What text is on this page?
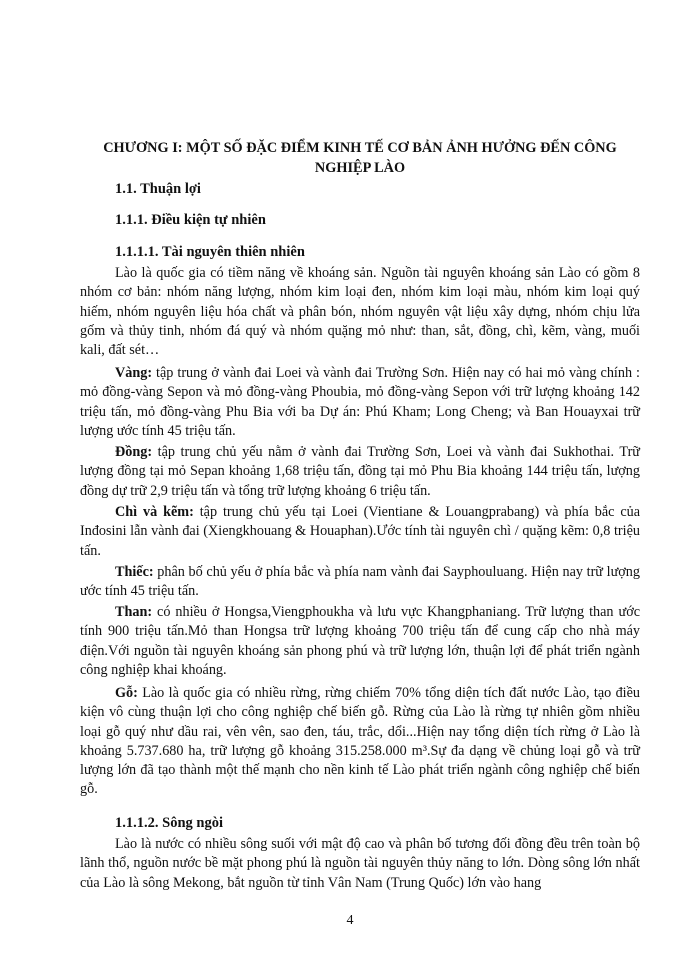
CHƯƠNG I: MỘT SỐ ĐẶC ĐIỂM KINH TẾ CƠ BẢN ẢNH HƯỞNG ĐẾN CÔNG NGHIỆP LÀO
1.1. Thuận lợi
1.1.1. Điều kiện tự nhiên
1.1.1.1. Tài nguyên thiên nhiên

Lào là quốc gia có tiềm năng về khoáng sản. Nguồn tài nguyên khoáng sản Lào có gồm 8 nhóm cơ bản: nhóm năng lượng, nhóm kim loại đen, nhóm kim loại màu, nhóm kim loại quý hiếm, nhóm nguyên liệu hóa chất và phân bón, nhóm nguyên vật liệu xây dựng, nhóm chịu lửa gốm và thủy tinh, nhóm đá quý và nhóm quặng mỏ như: than, sắt, đồng, chì, kẽm, vàng, muối kali, đất sét…

Vàng: tập trung ở vành đai Loei và vành đai Trường Sơn. Hiện nay có hai mỏ vàng chính : mỏ đồng-vàng Sepon và mỏ đồng-vàng Phoubia, mỏ đồng-vàng Sepon với trữ lượng khoảng 142 triệu tấn, mỏ đồng-vàng Phu Bia với ba Dự án: Phú Kham; Long Cheng; và Ban Houayxai trữ lượng ước tính 45 triệu tấn.

Đồng: tập trung chủ yếu nằm ở vành đai Trường Sơn, Loei và vành đai Sukhothai. Trữ lượng đồng tại mỏ Sepan khoảng 1,68 triệu tấn, đồng tại mỏ Phu Bia khoảng 144 triệu tấn, lượng đồng dự trữ 2,9 triệu tấn và tổng trữ lượng khoảng 6 triệu tấn.

Chì và kẽm: tập trung chủ yếu tại Loei (Vientiane & Louangprabang) và phía bắc của Inđosini lẫn vành đai (Xiengkhouang & Houaphan).Ước tính tài nguyên chì / quặng kẽm: 0,8 triệu tấn.

Thiếc: phân bố chủ yếu ở phía bắc và phía nam vành đai Sayphouluang. Hiện nay trữ lượng ước tính 45 triệu tấn.

Than: có nhiều ở Hongsa,Viengphoukha và lưu vực Khangphaniang. Trữ lượng than ước tính 900 triệu tấn.Mỏ than Hongsa trữ lượng khoảng 700 triệu tấn để cung cấp cho nhà máy điện.Với nguồn tài nguyên khoáng sản phong phú và trữ lượng lớn, thuận lợi để phát triển ngành công nghiệp khai khoáng.

Gỗ: Lào là quốc gia có nhiều rừng, rừng chiếm 70% tổng diện tích đất nước Lào, tạo điều kiện vô cùng thuận lợi cho công nghiệp chế biến gỗ. Rừng của Lào là rừng tự nhiên gồm nhiều loại gỗ quý như dầu rai, vên vên, sao đen, táu, trắc, dổi...Hiện nay tổng diện tích rừng ở Lào là khoảng 5.737.680 ha, trữ lượng gỗ khoảng 315.258.000 m³.Sự đa dạng về chủng loại gỗ và trữ lượng lớn đã tạo thành một thế mạnh cho nền kinh tế Lào phát triển ngành công nghiệp chế biến gỗ.

1.1.1.2. Sông ngòi

Lào là nước có nhiều sông suối với mật độ cao và phân bố tương đối đồng đều trên toàn bộ lãnh thổ, nguồn nước bề mặt phong phú là nguồn tài nguyên thủy năng to lớn. Dòng sông lớn nhất của Lào là sông Mekong, bắt nguồn từ tỉnh Vân Nam (Trung Quốc) lớn vào hang

4
